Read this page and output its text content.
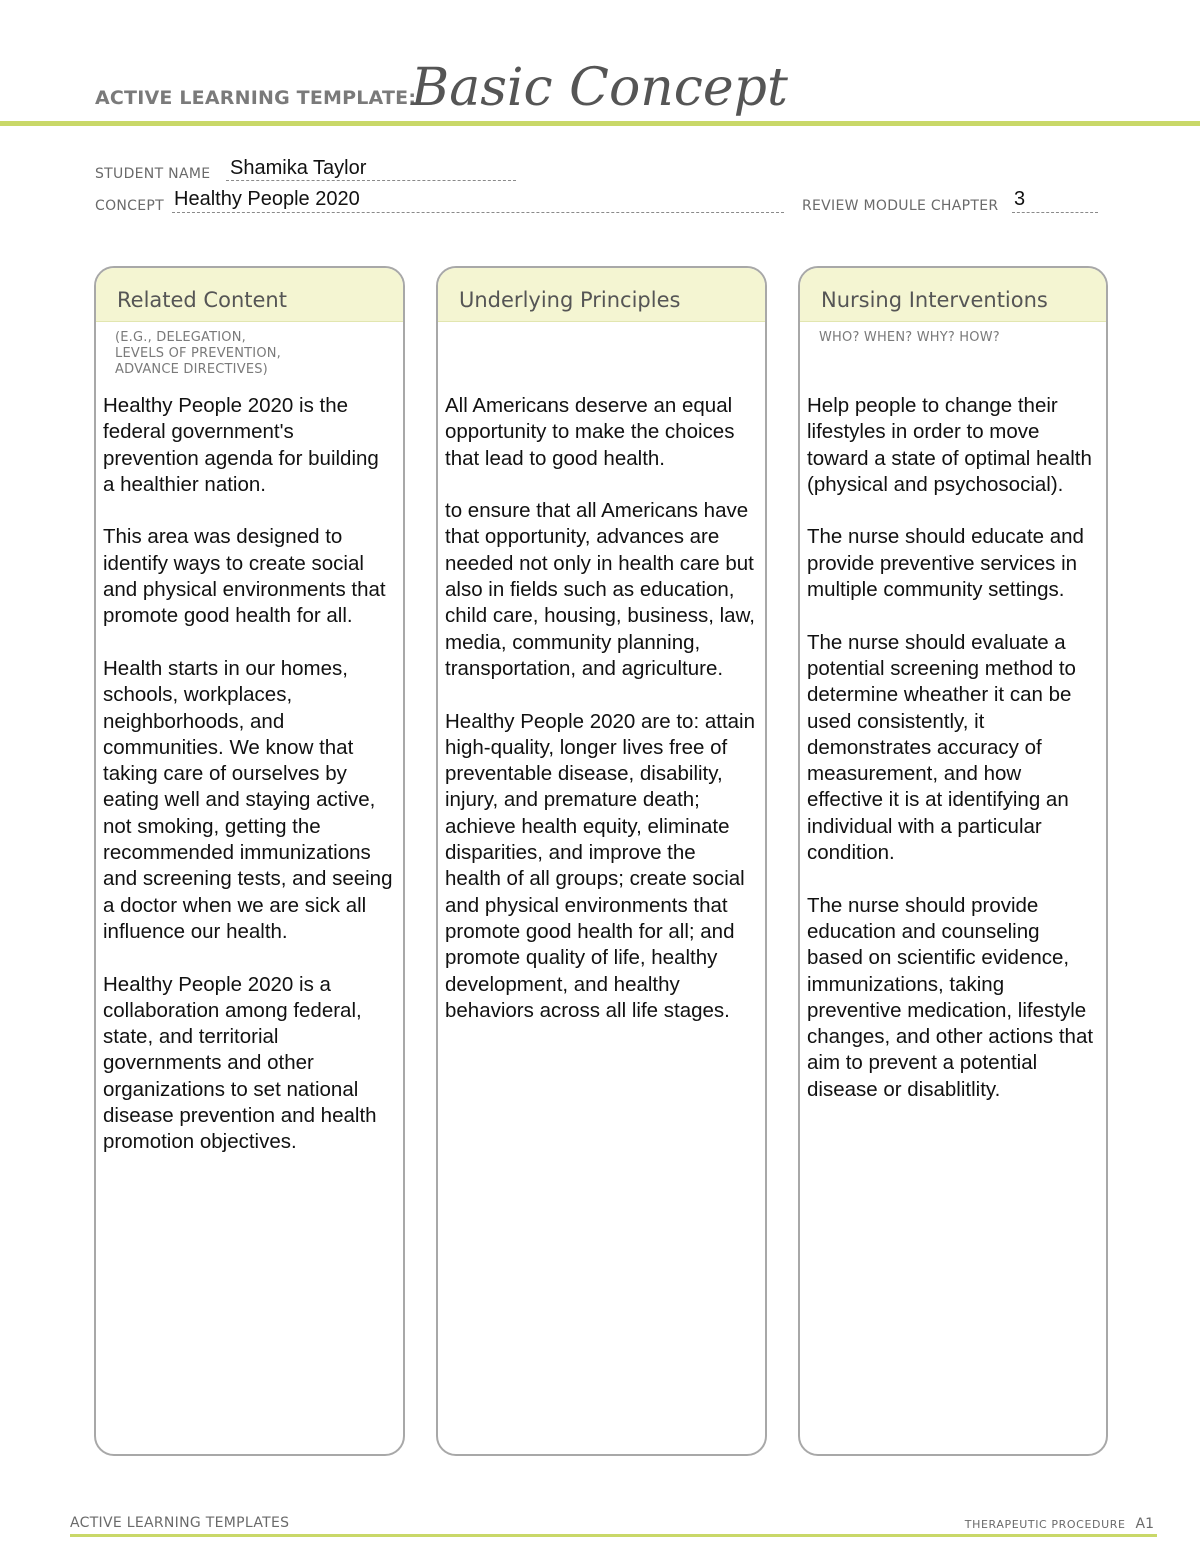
ACTIVE LEARNING TEMPLATE:
Basic Concept
STUDENT NAME Shamika Taylor
CONCEPT Healthy People 2020	REVIEW MODULE CHAPTER 3
Related Content
(E.G., DELEGATION,
LEVELS OF PREVENTION,
ADVANCE DIRECTIVES)

Healthy People 2020 is the federal government's prevention agenda for building a healthier nation.

This area was designed to identify ways to create social and physical environments that promote good health for all.

Health starts in our homes, schools, workplaces, neighborhoods, and communities. We know that taking care of ourselves by eating well and staying active, not smoking, getting the recommended immunizations and screening tests, and seeing a doctor when we are sick all influence our health.

Healthy People 2020 is a collaboration among federal, state, and territorial governments and other organizations to set national disease prevention and health promotion objectives.

Underlying Principles

All Americans deserve an equal opportunity to make the choices that lead to good health.

to ensure that all Americans have that opportunity, advances are needed not only in health care but also in fields such as education, child care, housing, business, law, media, community planning, transportation, and agriculture.

Healthy People 2020 are to: attain high-quality, longer lives free of preventable disease, disability, injury, and premature death; achieve health equity, eliminate disparities, and improve the health of all groups; create social and physical environments that promote good health for all; and promote quality of life, healthy development, and healthy behaviors across all life stages.

Nursing Interventions
WHO? WHEN? WHY? HOW?

Help people to change their lifestyles in order to move toward a state of optimal health (physical and psychosocial).

The nurse should educate and provide preventive services in multiple community settings.

The nurse should evaluate a potential screening method to determine wheather it can be used consistently, it demonstrates accuracy of measurement, and how effective it is at identifying an individual with a particular condition.

The nurse should provide education and counseling based on scientific evidence, immunizations, taking preventive medication, lifestyle changes, and other actions that aim to prevent a potential disease or disablitlity.

ACTIVE LEARNING TEMPLATES	THERAPEUTIC PROCEDURE A1
